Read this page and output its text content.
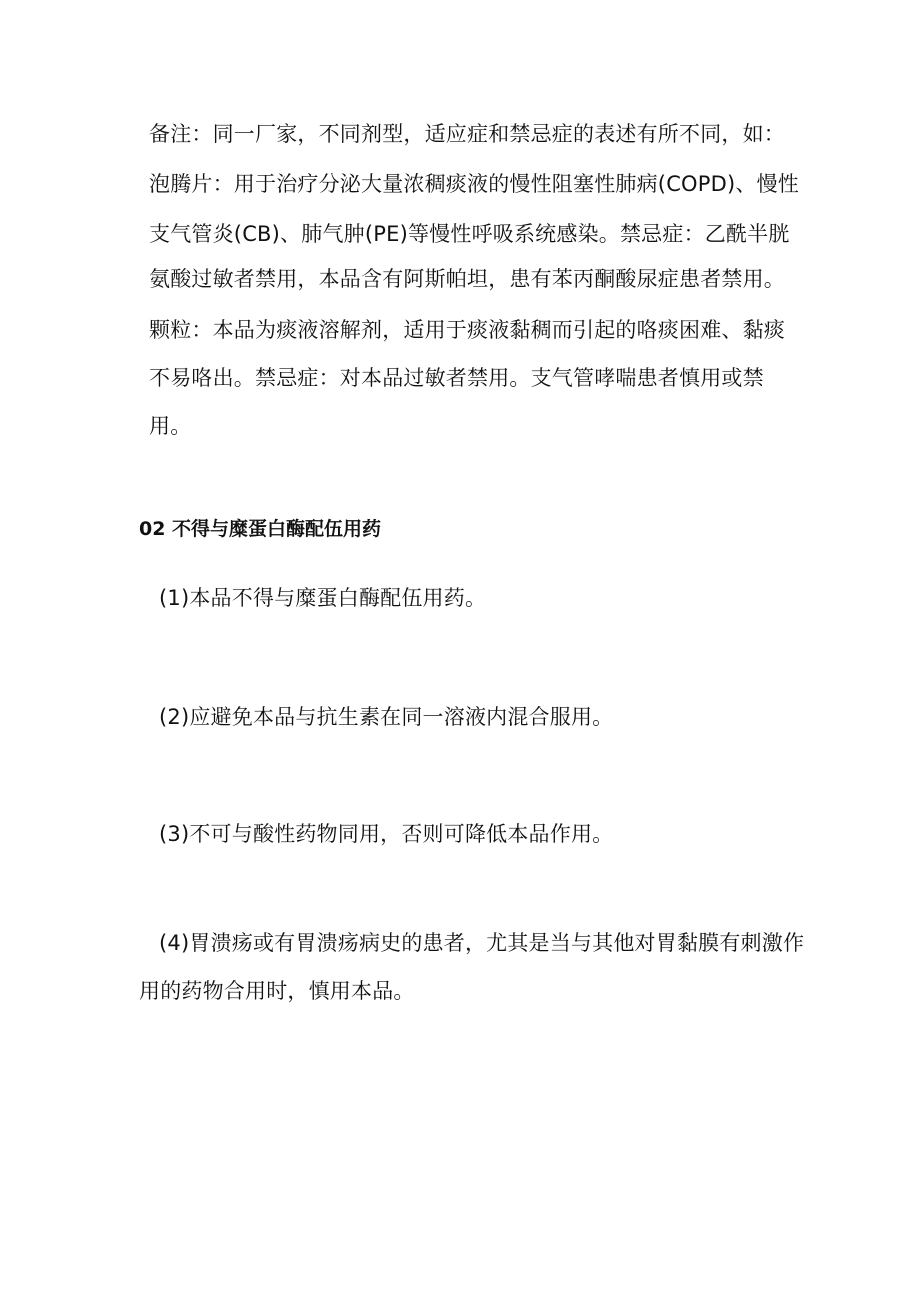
备注：同一厂家，不同剂型，适应症和禁忌症的表述有所不同，如：
泡腾片：用于治疗分泌大量浓稠痰液的慢性阻塞性肺病(COPD)、慢性
支气管炎(CB)、肺气肿(PE)等慢性呼吸系统感染。禁忌症：乙酰半胱
氨酸过敏者禁用，本品含有阿斯帕坦，患有苯丙酮酸尿症患者禁用。
颗粒：本品为痰液溶解剂，适用于痰液黏稠而引起的咯痰困难、黏痰
不易咯出。禁忌症：对本品过敏者禁用。支气管哮喘患者慎用或禁
用。
02 不得与糜蛋白酶配伍用药
(1)本品不得与糜蛋白酶配伍用药。
(2)应避免本品与抗生素在同一溶液内混合服用。
(3)不可与酸性药物同用，否则可降低本品作用。
(4)胃溃疡或有胃溃疡病史的患者，尤其是当与其他对胃黏膜有刺激作
用的药物合用时，慎用本品。
